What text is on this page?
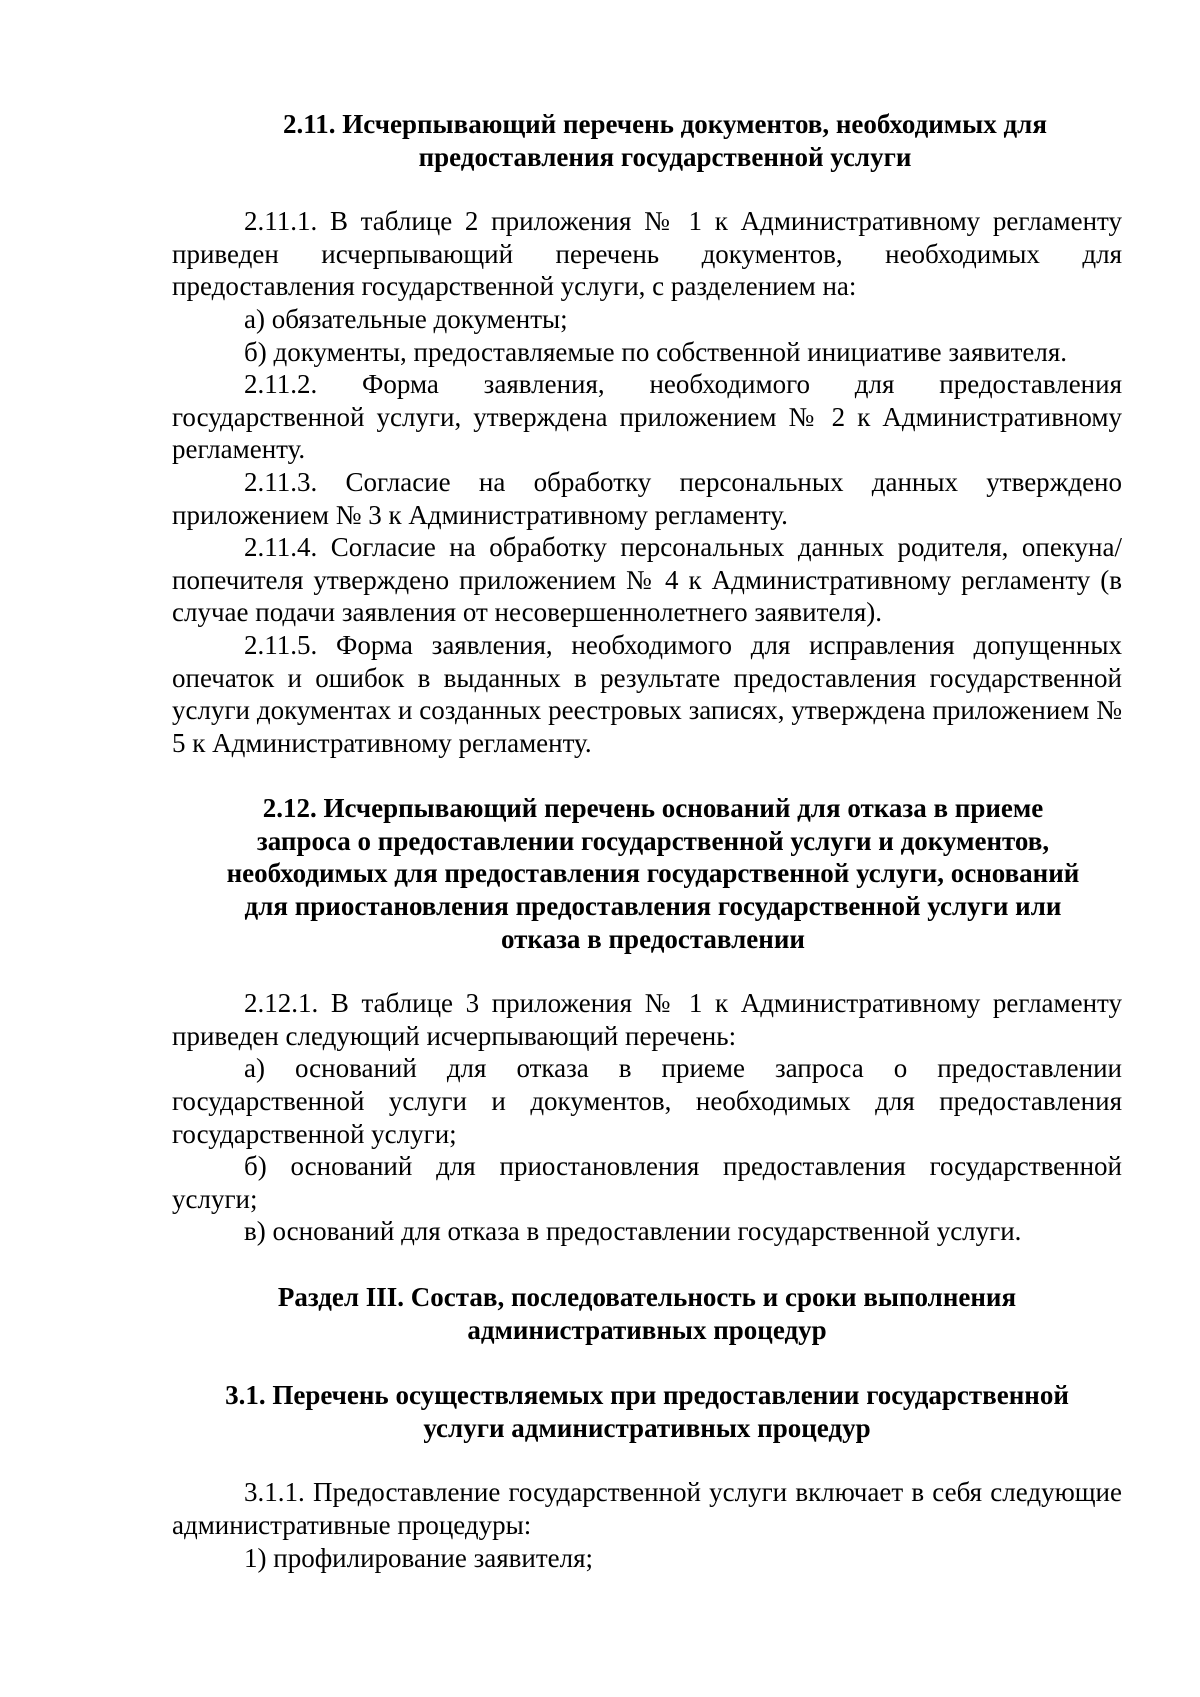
2.11. Исчерпывающий перечень документов, необходимых для
предоставления государственной услуги

2.11.1. В таблице 2 приложения № 1 к Административному регламенту приведен исчерпывающий перечень документов, необходимых для предоставления государственной услуги, с разделением на:

а) обязательные документы;

б) документы, предоставляемые по собственной инициативе заявителя.

2.11.2. Форма заявления, необходимого для предоставления государственной услуги, утверждена приложением № 2 к Административному регламенту.

2.11.3. Согласие на обработку персональных данных утверждено приложением № 3 к Административному регламенту.

2.11.4. Согласие на обработку персональных данных родителя, опекуна/попечителя утверждено приложением № 4 к Административному регламенту (в случае подачи заявления от несовершеннолетнего заявителя).

2.11.5. Форма заявления, необходимого для исправления допущенных опечаток и ошибок в выданных в результате предоставления государственной услуги документах и созданных реестровых записях, утверждена приложением № 5 к Административному регламенту.

2.12. Исчерпывающий перечень оснований для отказа в приеме
запроса о предоставлении государственной услуги и документов,
необходимых для предоставления государственной услуги, оснований
для приостановления предоставления государственной услуги или
отказа в предоставлении

2.12.1. В таблице 3 приложения № 1 к Административному регламенту приведен следующий исчерпывающий перечень:

а) оснований для отказа в приеме запроса о предоставлении государственной услуги и документов, необходимых для предоставления государственной услуги;

б) оснований для приостановления предоставления государственной услуги;

в) оснований для отказа в предоставлении государственной услуги.

Раздел III. Состав, последовательность и сроки выполнения
административных процедур
3.1. Перечень осуществляемых при предоставлении государственной
услуги административных процедур

3.1.1. Предоставление государственной услуги включает в себя следующие административные процедуры:

1) профилирование заявителя;
